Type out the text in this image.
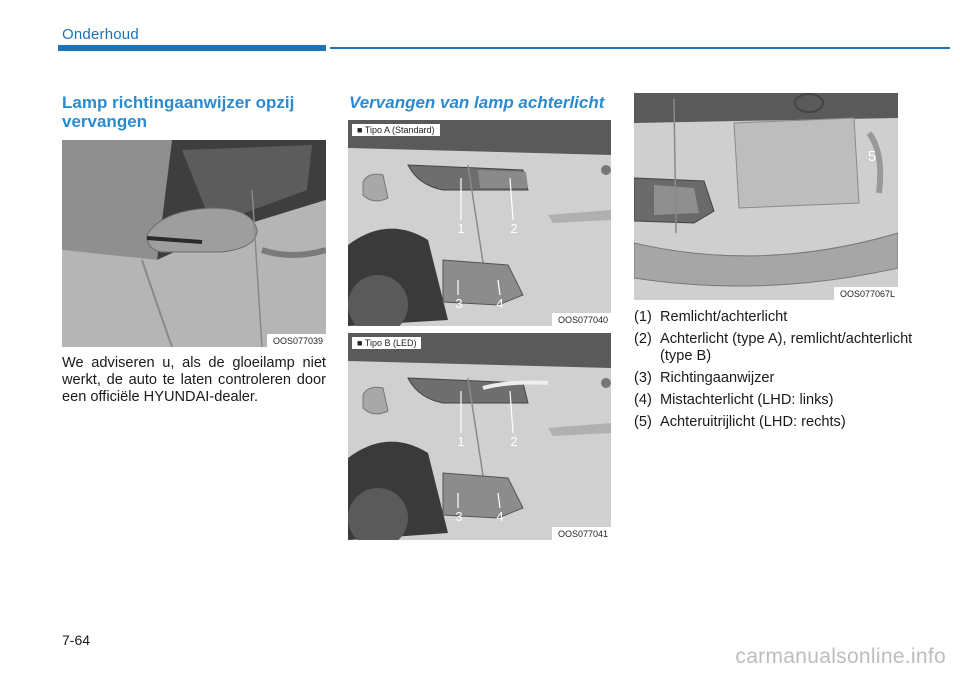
Onderhoud
Lamp richtingaanwijzer opzij vervangen
OOS077039
We adviseren u, als de gloeilamp niet werkt, de auto te laten controleren door een officiële HYUNDAI-dealer.
Vervangen van lamp achterlicht
1	2
3	4
■ Tipo A (Standard)
OOS077040
1	2
3	4
■ Tipo B (LED)
OOS077041
5
OOS077067L
(1) Remlicht/achterlicht
(2) Achterlicht (type A), remlicht/achterlicht (type B)
(3) Richtingaanwijzer
(4) Mistachterlicht (LHD: links)
(5) Achteruitrijlicht (LHD: rechts)
7-64
carmanualsonline.info
